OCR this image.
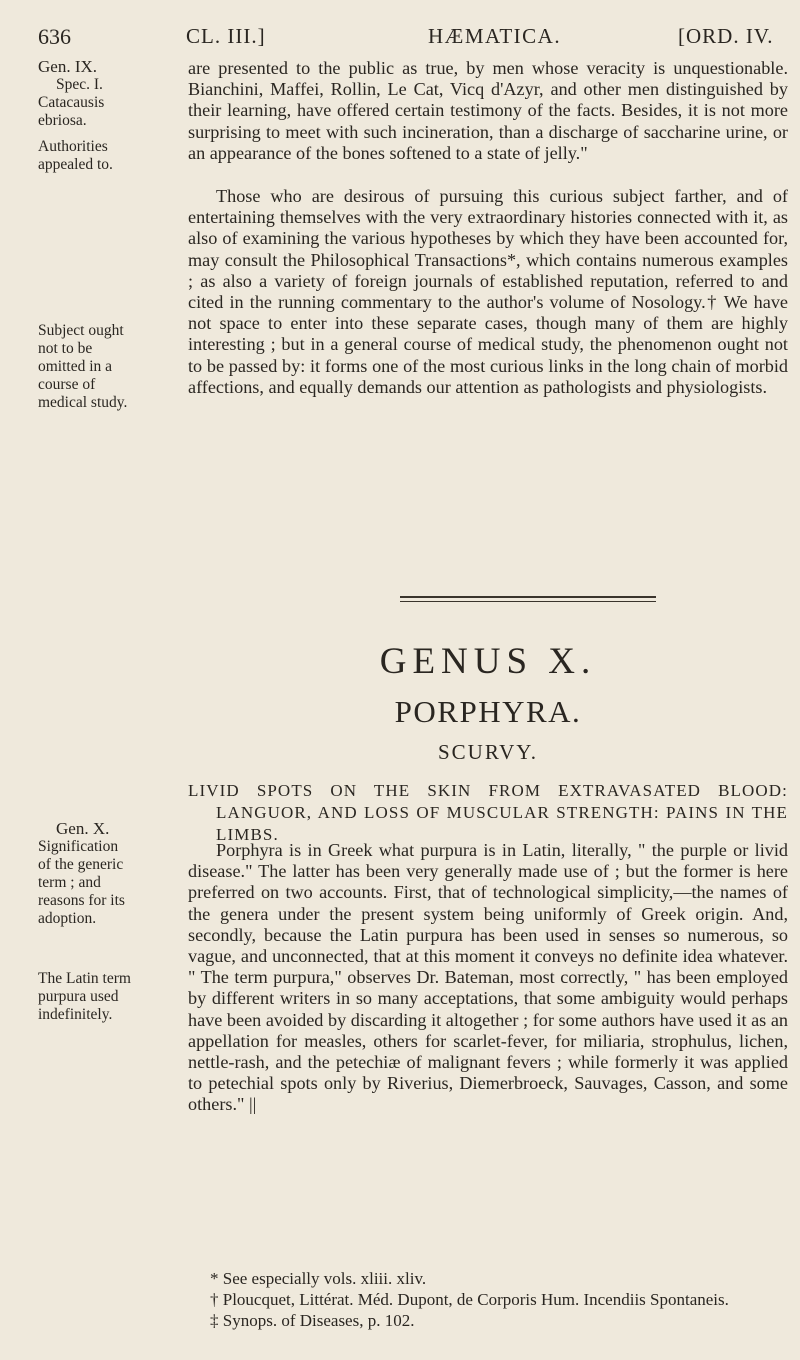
636	CL. III.]	HÆMATICA.	[ORD. IV.
Gen. IX.
Spec. I.
Catacausis
ebriosa.
Authorities
appealed to.
Subject ought
not to be
omitted in a
course of
medical study.
Gen. X.
Signification
of the generic
term ; and
reasons for its
adoption.
The Latin term
purpura used
indefinitely.

are presented to the public as true, by men whose veracity is unquestionable. Bianchini, Maffei, Rollin, Le Cat, Vicq d'Azyr, and other men distinguished by their learning, have offered certain testimony of the facts. Besides, it is not more surprising to meet with such incineration, than a discharge of saccharine urine, or an appearance of the bones softened to a state of jelly."

Those who are desirous of pursuing this curious subject farther, and of entertaining themselves with the very extraordinary histories connected with it, as also of examining the various hypotheses by which they have been accounted for, may consult the Philosophical Transactions*, which contains numerous examples ; as also a variety of foreign journals of established reputation, referred to and cited in the running commentary to the author's volume of Nosology.† We have not space to enter into these separate cases, though many of them are highly interesting ; but in a general course of medical study, the phenomenon ought not to be passed by: it forms one of the most curious links in the long chain of morbid affections, and equally demands our attention as pathologists and physiologists.

GENUS X.
PORPHYRA.
SCURVY.
LIVID SPOTS ON THE SKIN FROM EXTRAVASATED BLOOD: LANGUOR, AND LOSS OF MUSCULAR STRENGTH: PAINS IN THE LIMBS.

Porphyra is in Greek what purpura is in Latin, literally, " the purple or livid disease." The latter has been very generally made use of ; but the former is here preferred on two accounts. First, that of technological simplicity,—the names of the genera under the present system being uniformly of Greek origin. And, secondly, because the Latin purpura has been used in senses so numerous, so vague, and unconnected, that at this moment it conveys no definite idea whatever. " The term purpura," observes Dr. Bateman, most correctly, " has been employed by different writers in so many acceptations, that some ambiguity would perhaps have been avoided by discarding it altogether ; for some authors have used it as an appellation for measles, others for scarlet-fever, for miliaria, strophulus, lichen, nettle-rash, and the petechiæ of malignant fevers ; while formerly it was applied to petechial spots only by Riverius, Diemerbroeck, Sauvages, Casson, and some others." ||

* See especially vols. xliii. xliv.
† Ploucquet, Littérat. Méd. Dupont, de Corporis Hum. Incendiis Spontaneis.
‡ Synops. of Diseases, p. 102.
